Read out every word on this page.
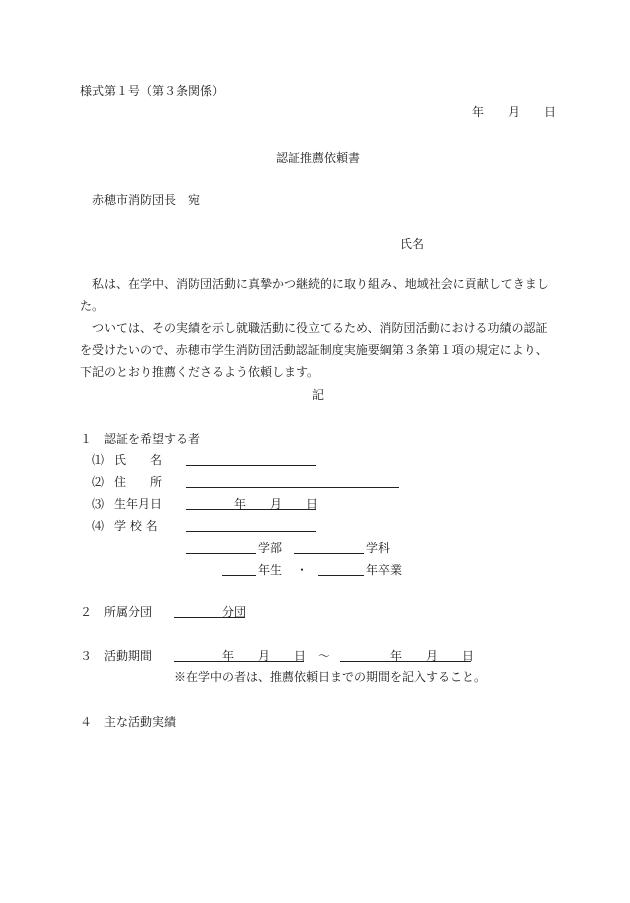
様式第１号（第３条関係）
年 月 日
認証推薦依頼書
赤穂市消防団長　宛
氏名

私は、在学中、消防団活動に真摯かつ継続的に取り組み、地域社会に貢献してきました。

ついては、その実績を示し就職活動に役立てるため、消防団活動における功績の認証を受けたいので、赤穂市学生消防団活動認証制度実施要綱第３条第１項の規定により、下記のとおり推薦くださるよう依頼します。

記
１　認証を希望する者
⑴ 氏　　名
⑵ 住　　所
⑶ 生年月日	年 月 日
⑷ 学 校 名
学部	学科
年生 ・	年卒業
２　所属分団	分団
３　活動期間	年 月 日 ～	年 月 日
※在学中の者は、推薦依頼日までの期間を記入すること。
４　主な活動実績
